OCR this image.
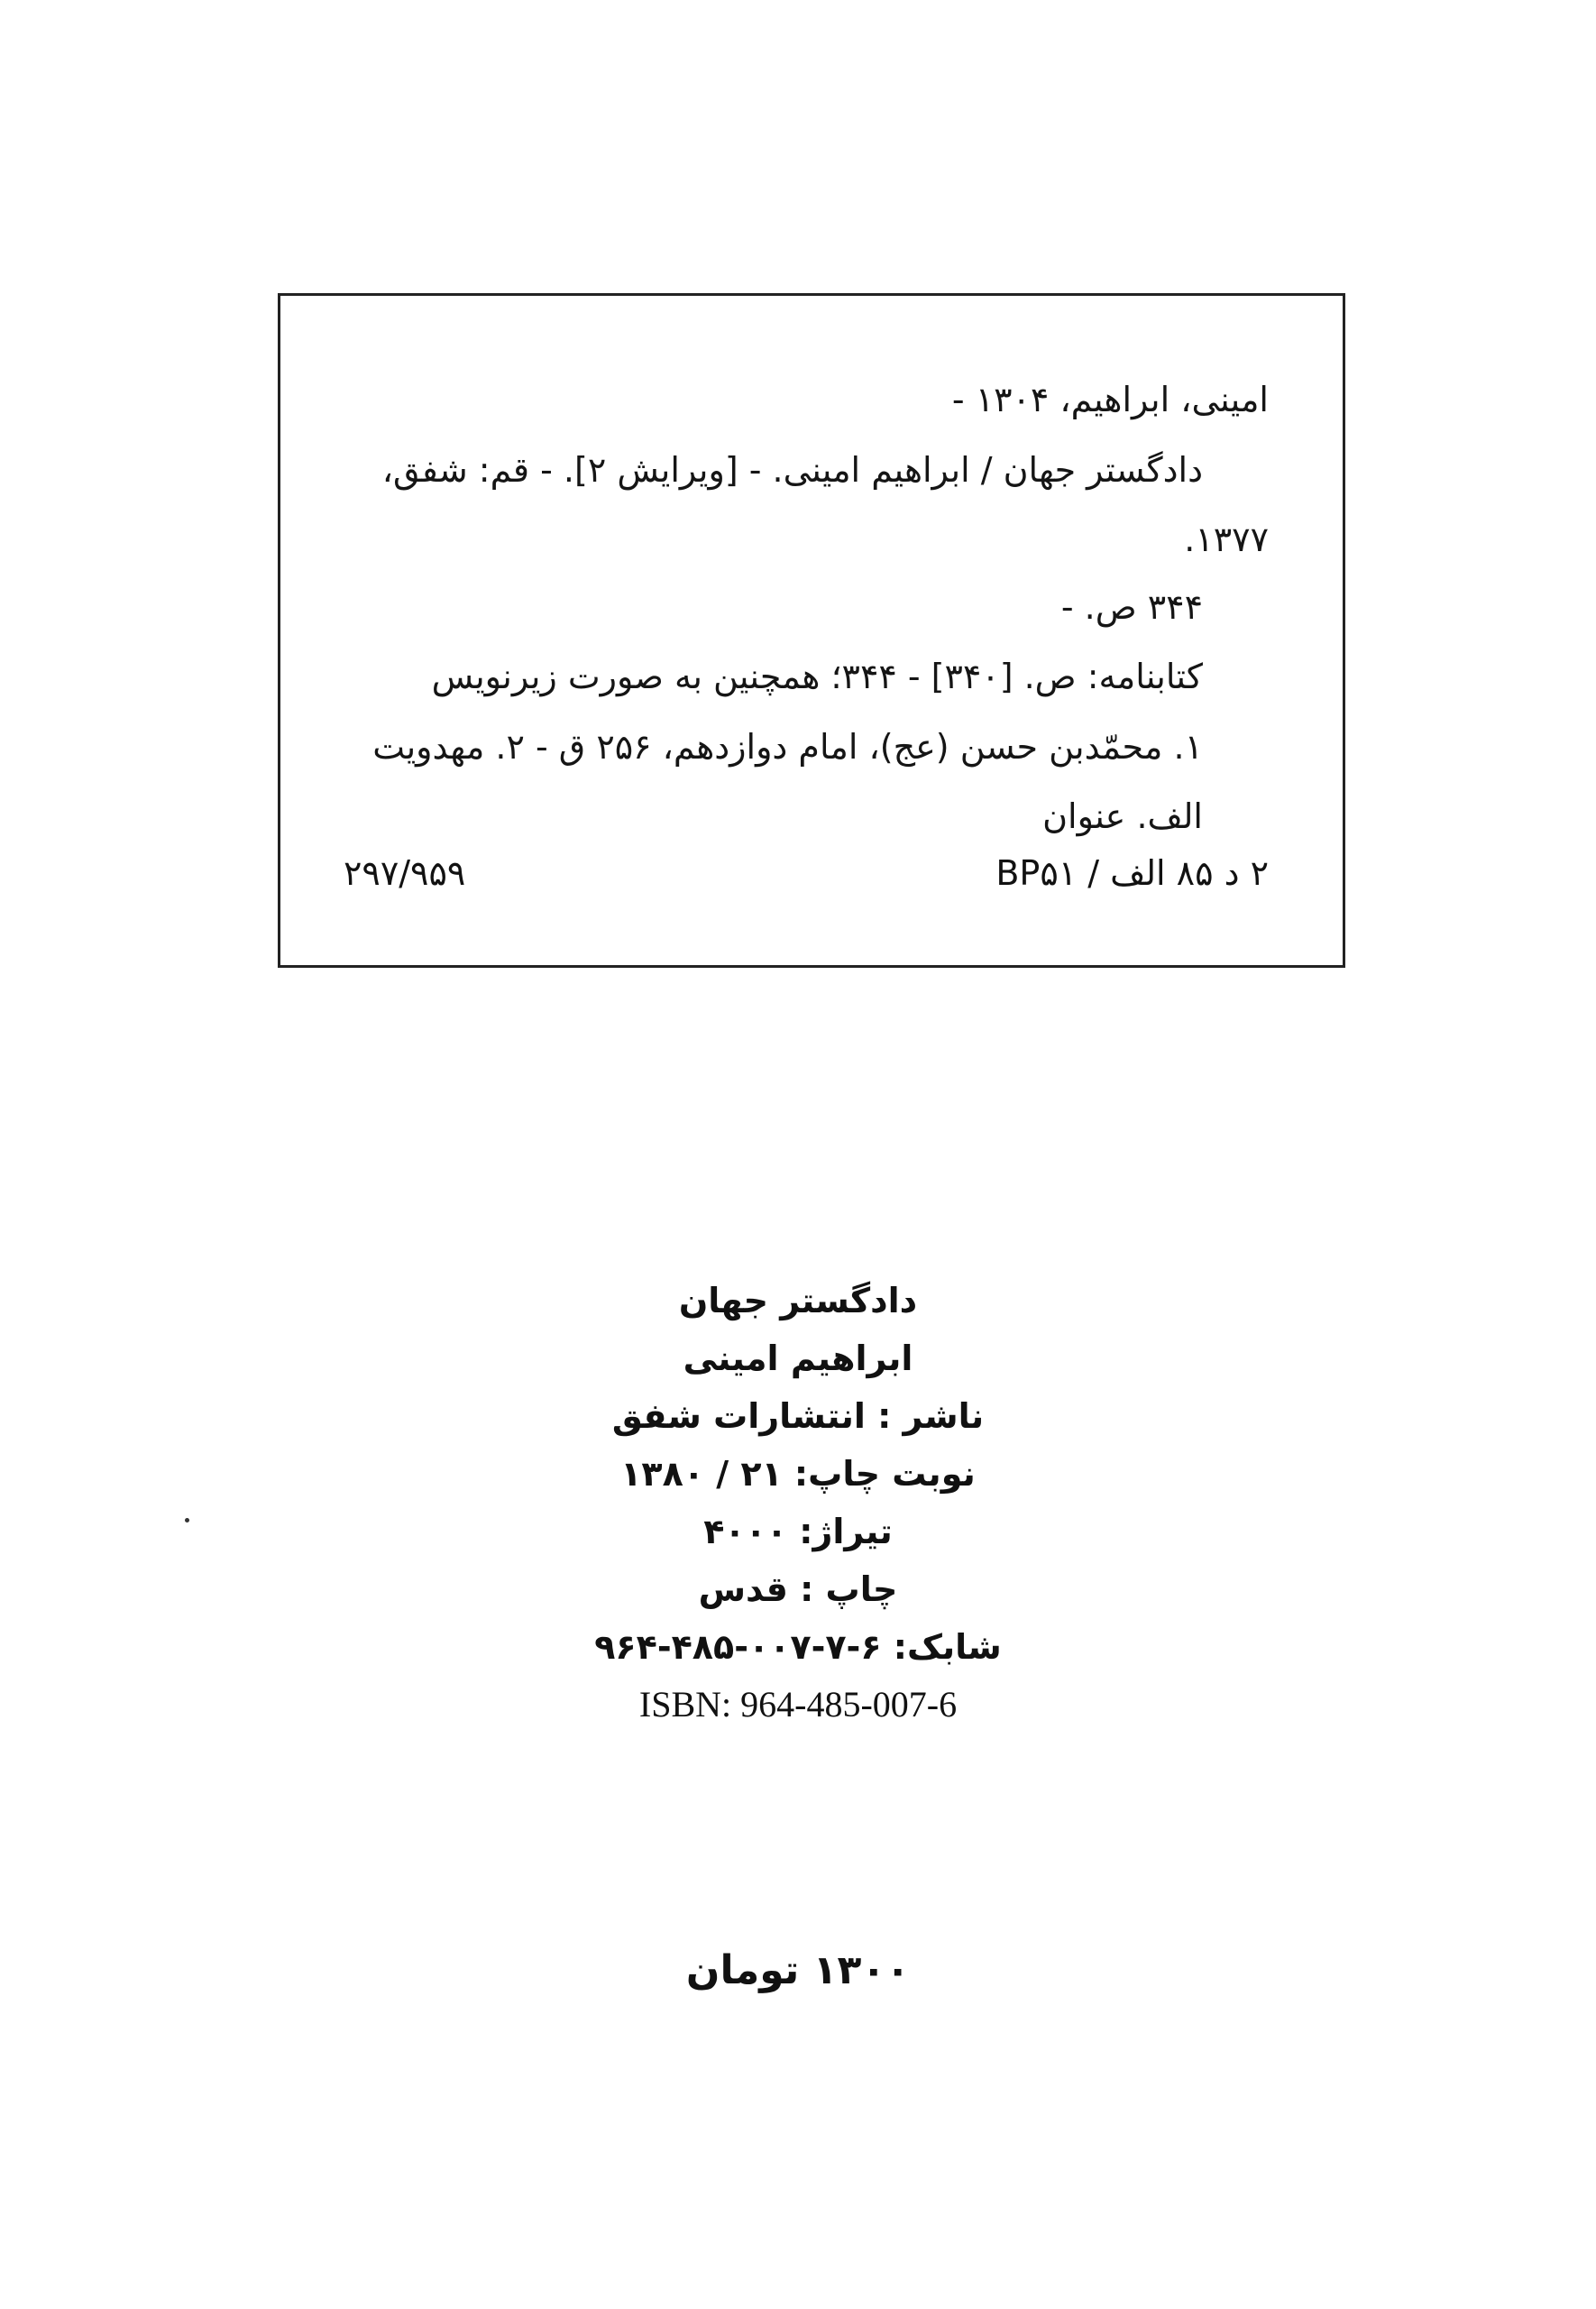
امینی، ابراهیم، ۱۳۰۴ -
دادگستر جهان / ابراهیم امینی. - [ویرایش ۲]. - قم: شفق،
۱۳۷۷.
۳۴۴ ص. -
کتابنامه: ص. [۳۴۰] - ۳۴۴؛ همچنین به صورت زیرنویس
۱. محمّدبن حسن (عج)، امام دوازدهم، ۲۵۶ ق - ۲. مهدویت
الف. عنوان
۲ د ۸۵ الف / BP۵۱
۲۹۷/۹۵۹
دادگستر جهان
ابراهیم امینی
ناشر : انتشارات شفق
نوبت چاپ: ۲۱ / ۱۳۸۰
تیراژ: ۴۰۰۰
چاپ : قدس
شابک: ۶-۷-۰۰۷-۴۸۵-۹۶۴
ISBN: 964-485-007-6
۱۳۰۰ تومان
